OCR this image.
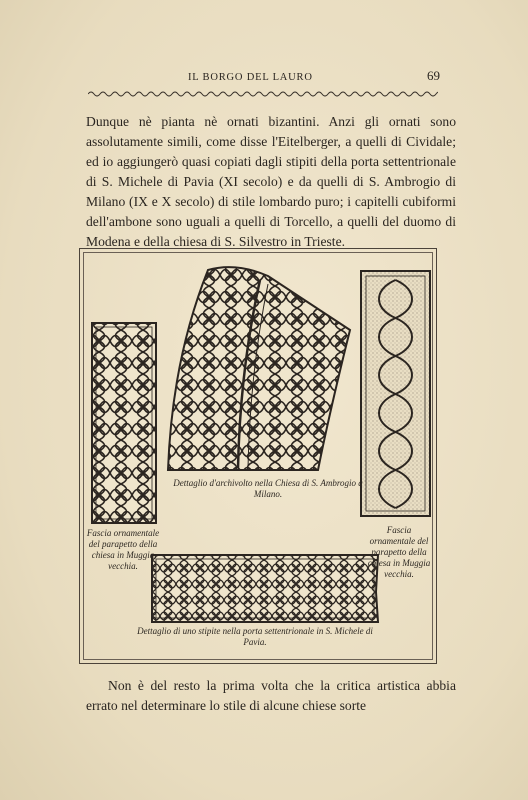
IL BORGO DEL LAURO	69
Dunque nè pianta nè ornati bizantini. Anzi gli ornati sono assolutamente simili, come disse l'Eitelberger, a quelli di Cividale; ed io aggiungerò quasi copiati dagli stipiti della porta settentrionale di S. Michele di Pavia (XI secolo) e da quelli di S. Ambrogio di Milano (IX e X secolo) di stile lombardo puro; i capitelli cubiformi dell'ambone sono uguali a quelli di Torcello, a quelli del duomo di Modena e della chiesa di S. Silvestro in Trieste.
Dettaglio d'archivolto nella Chiesa di S. Ambrogio a Milano.
Fascia ornamentale del parapetto della chiesa in Muggia vecchia.
Fascia ornamentale del parapetto della chiesa in Muggia vecchia.
Dettaglio di uno stipite nella porta settentrionale in S. Michele di Pavia.
Non è del resto la prima volta che la critica artistica abbia errato nel determinare lo stile di alcune chiese sorte
